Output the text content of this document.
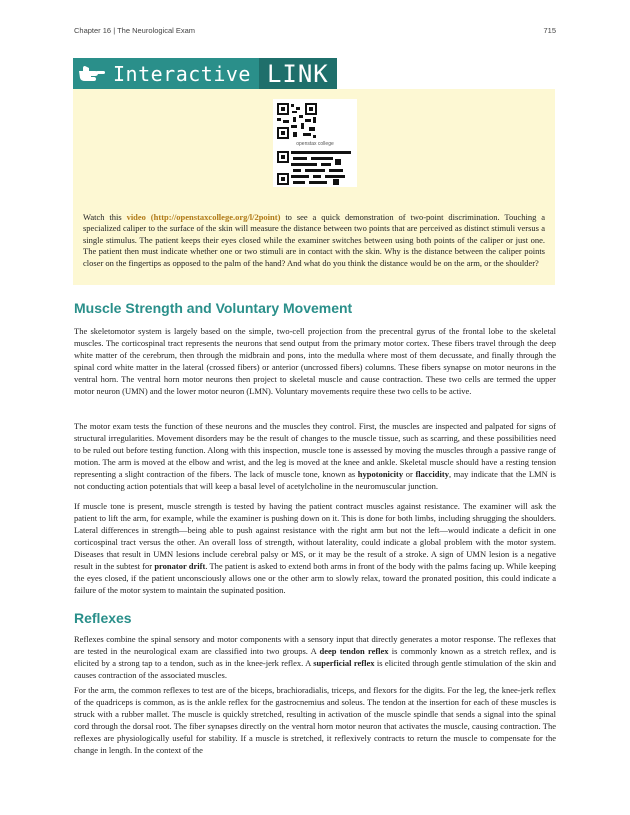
Chapter 16 | The Neurological Exam	715
Interactive LINK
openstax college

Watch this video (http://openstaxcollege.org/l/2point) to see a quick demonstration of two-point discrimination. Touching a specialized caliper to the surface of the skin will measure the distance between two points that are perceived as distinct stimuli versus a single stimulus. The patient keeps their eyes closed while the examiner switches between using both points of the caliper or just one. The patient then must indicate whether one or two stimuli are in contact with the skin. Why is the distance between the caliper points closer on the fingertips as opposed to the palm of the hand? And what do you think the distance would be on the arm, or the shoulder?

Muscle Strength and Voluntary Movement

The skeletomotor system is largely based on the simple, two-cell projection from the precentral gyrus of the frontal lobe to the skeletal muscles. The corticospinal tract represents the neurons that send output from the primary motor cortex. These fibers travel through the deep white matter of the cerebrum, then through the midbrain and pons, into the medulla where most of them decussate, and finally through the spinal cord white matter in the lateral (crossed fibers) or anterior (uncrossed fibers) columns. These fibers synapse on motor neurons in the ventral horn. The ventral horn motor neurons then project to skeletal muscle and cause contraction. These two cells are termed the upper motor neuron (UMN) and the lower motor neuron (LMN). Voluntary movements require these two cells to be active.

The motor exam tests the function of these neurons and the muscles they control. First, the muscles are inspected and palpated for signs of structural irregularities. Movement disorders may be the result of changes to the muscle tissue, such as scarring, and these possibilities need to be ruled out before testing function. Along with this inspection, muscle tone is assessed by moving the muscles through a passive range of motion. The arm is moved at the elbow and wrist, and the leg is moved at the knee and ankle. Skeletal muscle should have a resting tension representing a slight contraction of the fibers. The lack of muscle tone, known as hypotonicity or flaccidity, may indicate that the LMN is not conducting action potentials that will keep a basal level of acetylcholine in the neuromuscular junction.

If muscle tone is present, muscle strength is tested by having the patient contract muscles against resistance. The examiner will ask the patient to lift the arm, for example, while the examiner is pushing down on it. This is done for both limbs, including shrugging the shoulders. Lateral differences in strength—being able to push against resistance with the right arm but not the left—would indicate a deficit in one corticospinal tract versus the other. An overall loss of strength, without laterality, could indicate a global problem with the motor system. Diseases that result in UMN lesions include cerebral palsy or MS, or it may be the result of a stroke. A sign of UMN lesion is a negative result in the subtest for pronator drift. The patient is asked to extend both arms in front of the body with the palms facing up. While keeping the eyes closed, if the patient unconsciously allows one or the other arm to slowly relax, toward the pronated position, this could indicate a failure of the motor system to maintain the supinated position.

Reflexes

Reflexes combine the spinal sensory and motor components with a sensory input that directly generates a motor response. The reflexes that are tested in the neurological exam are classified into two groups. A deep tendon reflex is commonly known as a stretch reflex, and is elicited by a strong tap to a tendon, such as in the knee-jerk reflex. A superficial reflex is elicited through gentle stimulation of the skin and causes contraction of the associated muscles.

For the arm, the common reflexes to test are of the biceps, brachioradialis, triceps, and flexors for the digits. For the leg, the knee-jerk reflex of the quadriceps is common, as is the ankle reflex for the gastrocnemius and soleus. The tendon at the insertion for each of these muscles is struck with a rubber mallet. The muscle is quickly stretched, resulting in activation of the muscle spindle that sends a signal into the spinal cord through the dorsal root. The fiber synapses directly on the ventral horn motor neuron that activates the muscle, causing contraction. The reflexes are physiologically useful for stability. If a muscle is stretched, it reflexively contracts to return the muscle to compensate for the change in length. In the context of the
